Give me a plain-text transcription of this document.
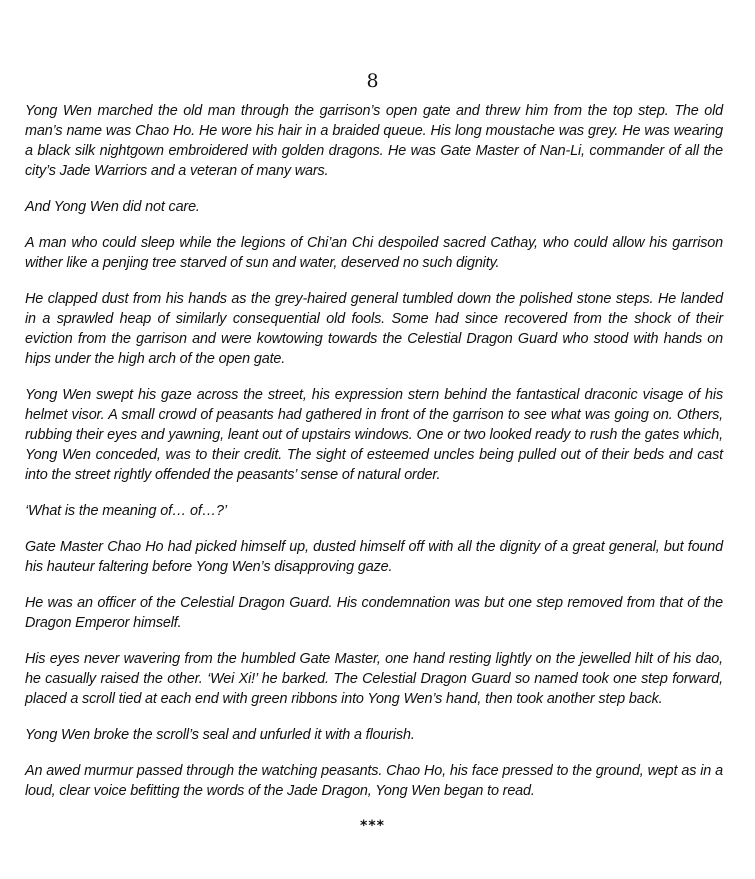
8

Yong Wen marched the old man through the garrison’s open gate and threw him from the top step. The old man’s name was Chao Ho. He wore his hair in a braided queue. His long moustache was grey. He was wearing a black silk nightgown embroidered with golden dragons. He was Gate Master of Nan-Li, commander of all the city’s Jade Warriors and a veteran of many wars.

And Yong Wen did not care.

A man who could sleep while the legions of Chi’an Chi despoiled sacred Cathay, who could allow his garrison wither like a penjing tree starved of sun and water, deserved no such dignity.

He clapped dust from his hands as the grey-haired general tumbled down the polished stone steps. He landed in a sprawled heap of similarly consequential old fools. Some had since recovered from the shock of their eviction from the garrison and were kowtowing towards the Celestial Dragon Guard who stood with hands on hips under the high arch of the open gate.

Yong Wen swept his gaze across the street, his expression stern behind the fantastical draconic visage of his helmet visor. A small crowd of peasants had gathered in front of the garrison to see what was going on. Others, rubbing their eyes and yawning, leant out of upstairs windows. One or two looked ready to rush the gates which, Yong Wen conceded, was to their credit. The sight of esteemed uncles being pulled out of their beds and cast into the street rightly offended the peasants’ sense of natural order.

‘What is the meaning of… of…?’

Gate Master Chao Ho had picked himself up, dusted himself off with all the dignity of a great general, but found his hauteur faltering before Yong Wen’s disapproving gaze.

He was an officer of the Celestial Dragon Guard. His condemnation was but one step removed from that of the Dragon Emperor himself.

His eyes never wavering from the humbled Gate Master, one hand resting lightly on the jewelled hilt of his dao, he casually raised the other. ‘Wei Xi!’ he barked. The Celestial Dragon Guard so named took one step forward, placed a scroll tied at each end with green ribbons into Yong Wen’s hand, then took another step back.

Yong Wen broke the scroll’s seal and unfurled it with a flourish.

An awed murmur passed through the watching peasants. Chao Ho, his face pressed to the ground, wept as in a loud, clear voice befitting the words of the Jade Dragon, Yong Wen began to read.

***
